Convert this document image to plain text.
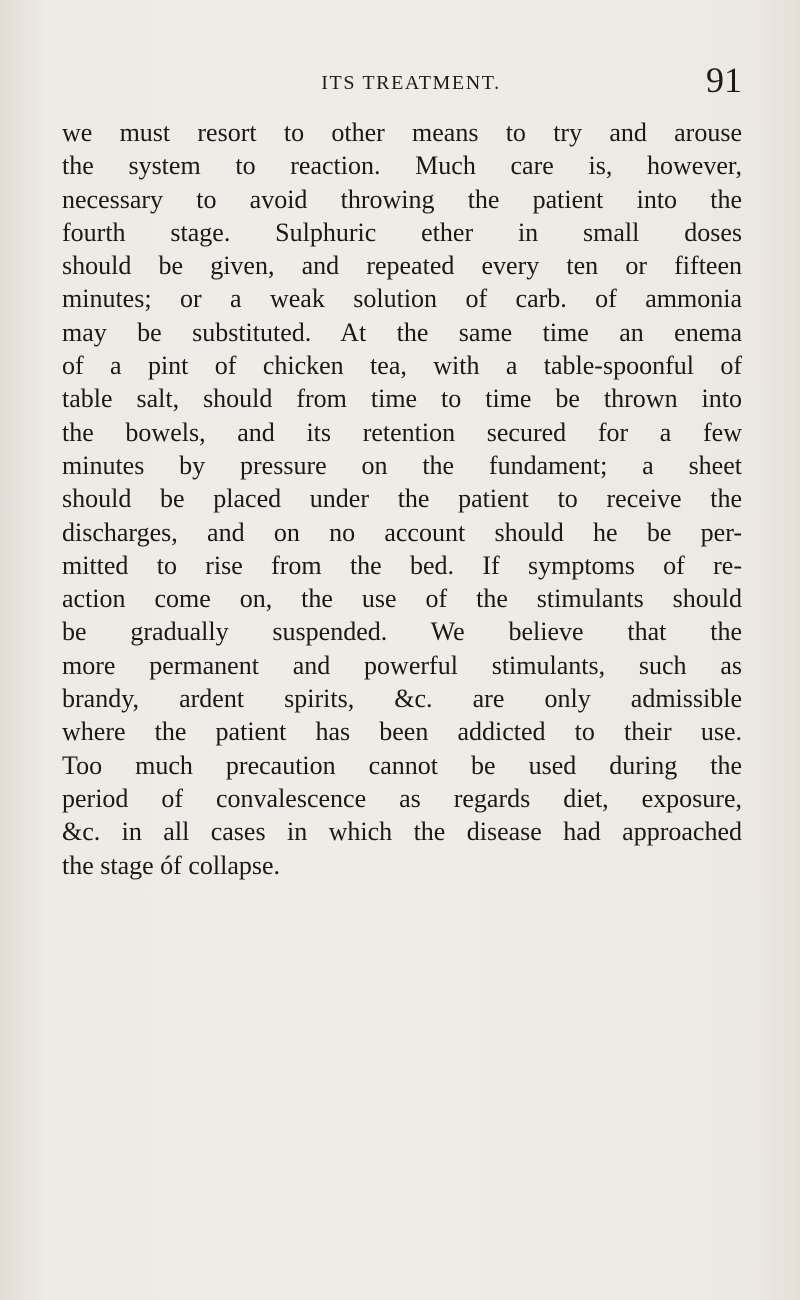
ITS TREATMENT.	91
we must resort to other means to try and arouse
the system to reaction. Much care is, however,
necessary to avoid throwing the patient into the
fourth stage. Sulphuric ether in small doses
should be given, and repeated every ten or fifteen
minutes; or a weak solution of carb. of ammonia
may be substituted. At the same time an enema
of a pint of chicken tea, with a table-spoonful of
table salt, should from time to time be thrown into
the bowels, and its retention secured for a few
minutes by pressure on the fundament; a sheet
should be placed under the patient to receive the
discharges, and on no account should he be per-
mitted to rise from the bed. If symptoms of re-
action come on, the use of the stimulants should
be gradually suspended. We believe that the
more permanent and powerful stimulants, such as
brandy, ardent spirits, &c. are only admissible
where the patient has been addicted to their use.
Too much precaution cannot be used during the
period of convalescence as regards diet, exposure,
&c. in all cases in which the disease had approached
the stage óf collapse.
